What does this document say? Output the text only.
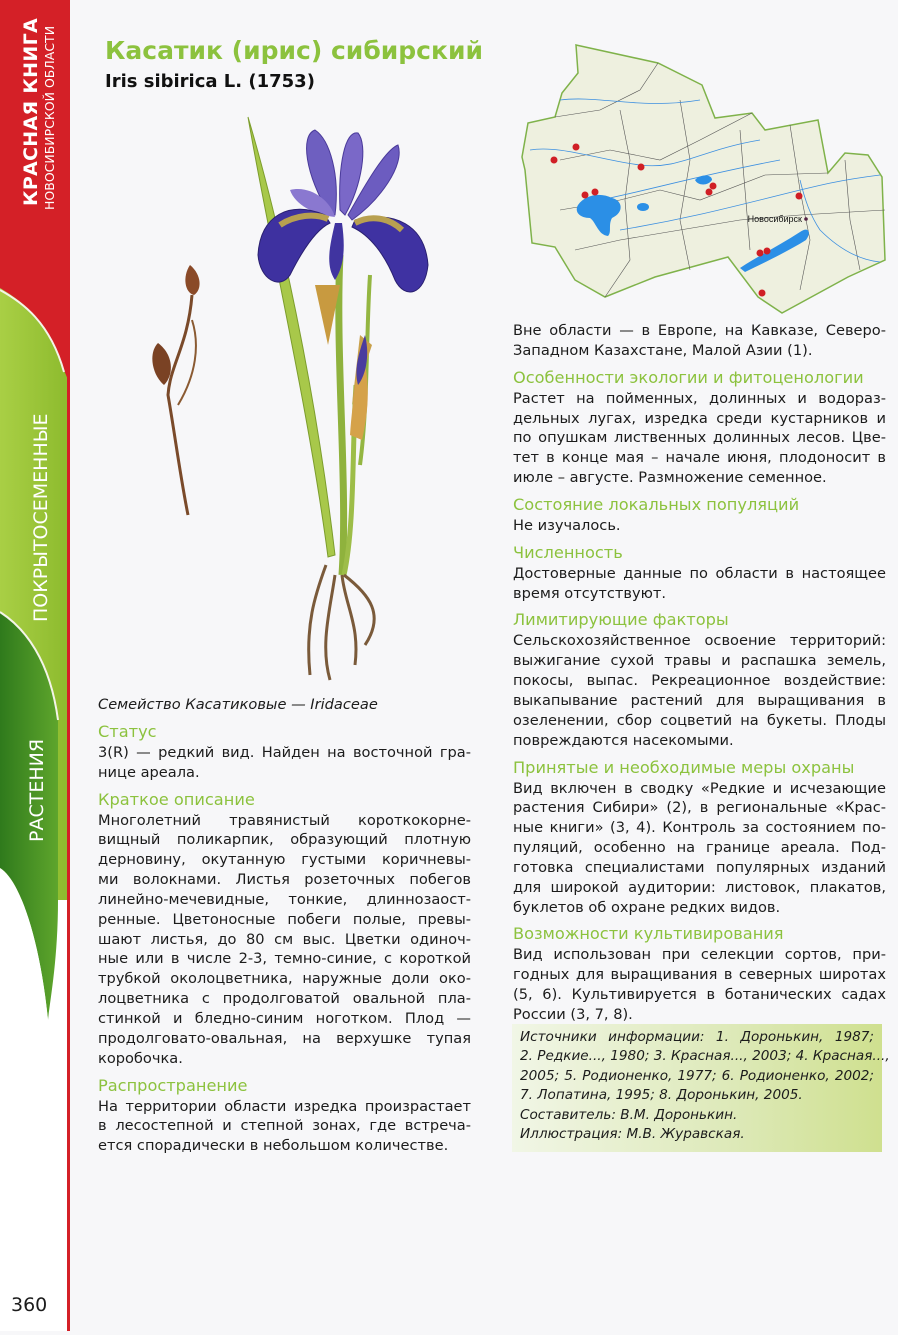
КРАСНАЯ КНИГА НОВОСИБИРСКОЙ ОБЛАСТИ
ПОКРЫТОСЕМЕННЫЕ
РАСТЕНИЯ
360
Касатик (ирис) сибирский
Iris sibirica L. (1753)
Новосибирск
Семейство Касатиковые — Iridaceae
Статус
3(R) — редкий вид. Найден на восточной гра-
нице ареала.
Краткое описание
Многолетний травянистый короткокорне-
вищный поликарпик, образующий плотную
дерновину, окутанную густыми коричневы-
ми волокнами. Листья розеточных побегов
линейно-мечевидные, тонкие, длиннозаост-
ренные. Цветоносные побеги полые, превы-
шают листья, до 80 см выс. Цветки одиноч-
ные или в числе 2-3, темно-синие, с короткой
трубкой околоцветника, наружные доли око-
лоцветника с продолговатой овальной пла-
стинкой и бледно-синим ноготком. Плод —
продолговато-овальная, на верхушке тупая
коробочка.
Распространение
На территории области изредка произрастает
в лесостепной и степной зонах, где встреча-
ется спорадически в небольшом количестве.
Вне области — в Европе, на Кавказе, Северо-
Западном Казахстане, Малой Азии (1).
Особенности экологии и фитоценологии
Растет на пойменных, долинных и водораз-
дельных лугах, изредка среди кустарников и
по опушкам лиственных долинных лесов. Цве-
тет в конце мая – начале июня, плодоносит в
июле – августе. Размножение семенное.
Состояние локальных популяций
Не изучалось.
Численность
Достоверные данные по области в настоящее
время отсутствуют.
Лимитирующие факторы
Сельскохозяйственное освоение территорий:
выжигание сухой травы и распашка земель,
покосы, выпас. Рекреационное воздействие:
выкапывание растений для выращивания в
озеленении, сбор соцветий на букеты. Плоды
повреждаются насекомыми.
Принятые и необходимые меры охраны
Вид включен в сводку «Редкие и исчезающие
растения Сибири» (2), в региональные «Крас-
ные книги» (3, 4). Контроль за состоянием по-
пуляций, особенно на границе ареала. Под-
готовка специалистами популярных изданий
для широкой аудитории: листовок, плакатов,
буклетов об охране редких видов.
Возможности культивирования
Вид использован при селекции сортов, при-
годных для выращивания в северных широтах
(5, 6). Культивируется в ботанических садах
России (3, 7, 8).
Источники информации: 1. Доронькин, 1987;
2. Редкие..., 1980; 3. Красная..., 2003; 4. Красная...,
2005; 5. Родионенко, 1977; 6. Родионенко, 2002;
7. Лопатина, 1995; 8. Доронькин, 2005.
Составитель: В.М. Доронькин.
Иллюстрация: М.В. Журавская.
